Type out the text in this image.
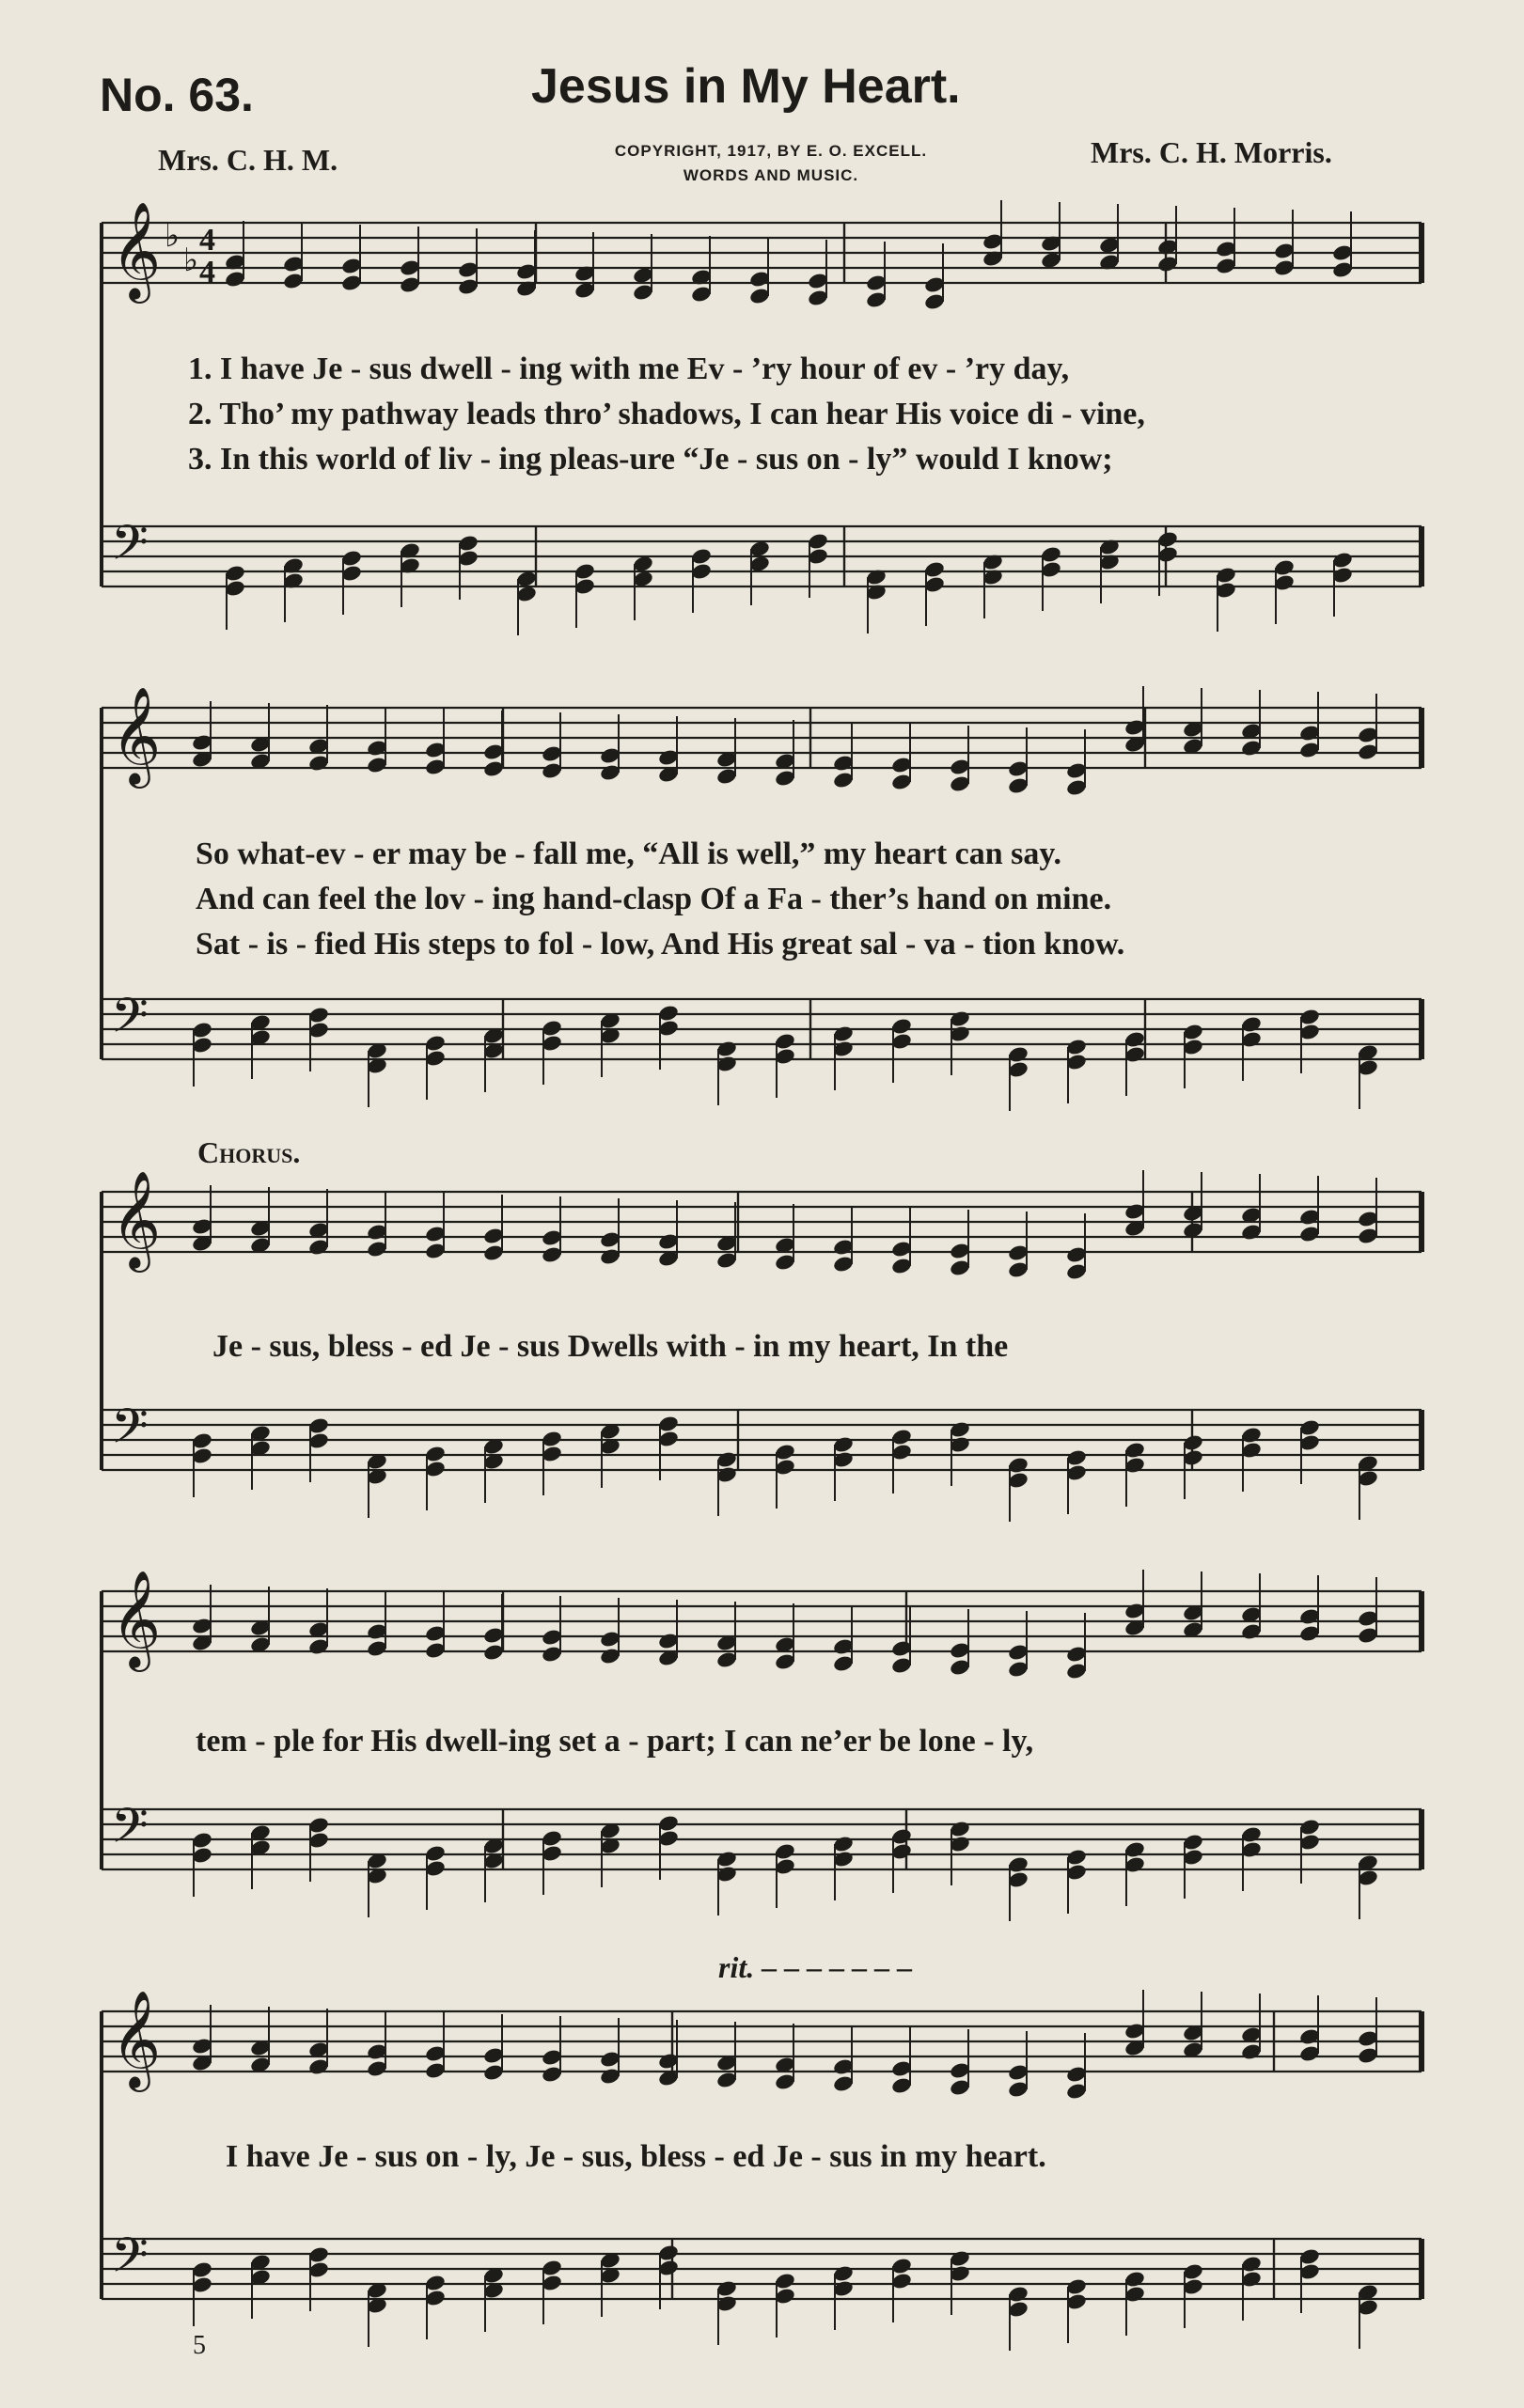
No. 63.	Jesus in My Heart.
Mrs. C. H. M.	COPYRIGHT, 1917, BY E. O. EXCELL.
WORDS AND MUSIC.
Mrs. C. H. Morris.
𝄞
𝄢
𝄞
𝄢
𝄞
𝄢
𝄞
𝄢
𝄞
𝄢
♭
♭
4
4
1. I have Je - sus dwell - ing with me Ev - ’ry hour of ev - ’ry day,
2. Tho’ my pathway leads thro’ shadows, I can hear His voice di - vine,
3. In this world of liv - ing pleas-ure “Je - sus on - ly” would I know;
So what-ev - er may be - fall me, “All is well,” my heart can say.
And can feel the lov - ing hand-clasp Of a Fa - ther’s hand on mine.
Sat - is - fied His steps to fol - low, And His great sal - va - tion know.
Chorus.
Je - sus, bless - ed Je - sus Dwells with - in my heart, In the
tem - ple for His dwell-ing set a - part; I can ne’er be lone - ly,
rit. – – – – – – –
I have Je - sus on - ly, Je - sus, bless - ed Je - sus in my heart.
5
